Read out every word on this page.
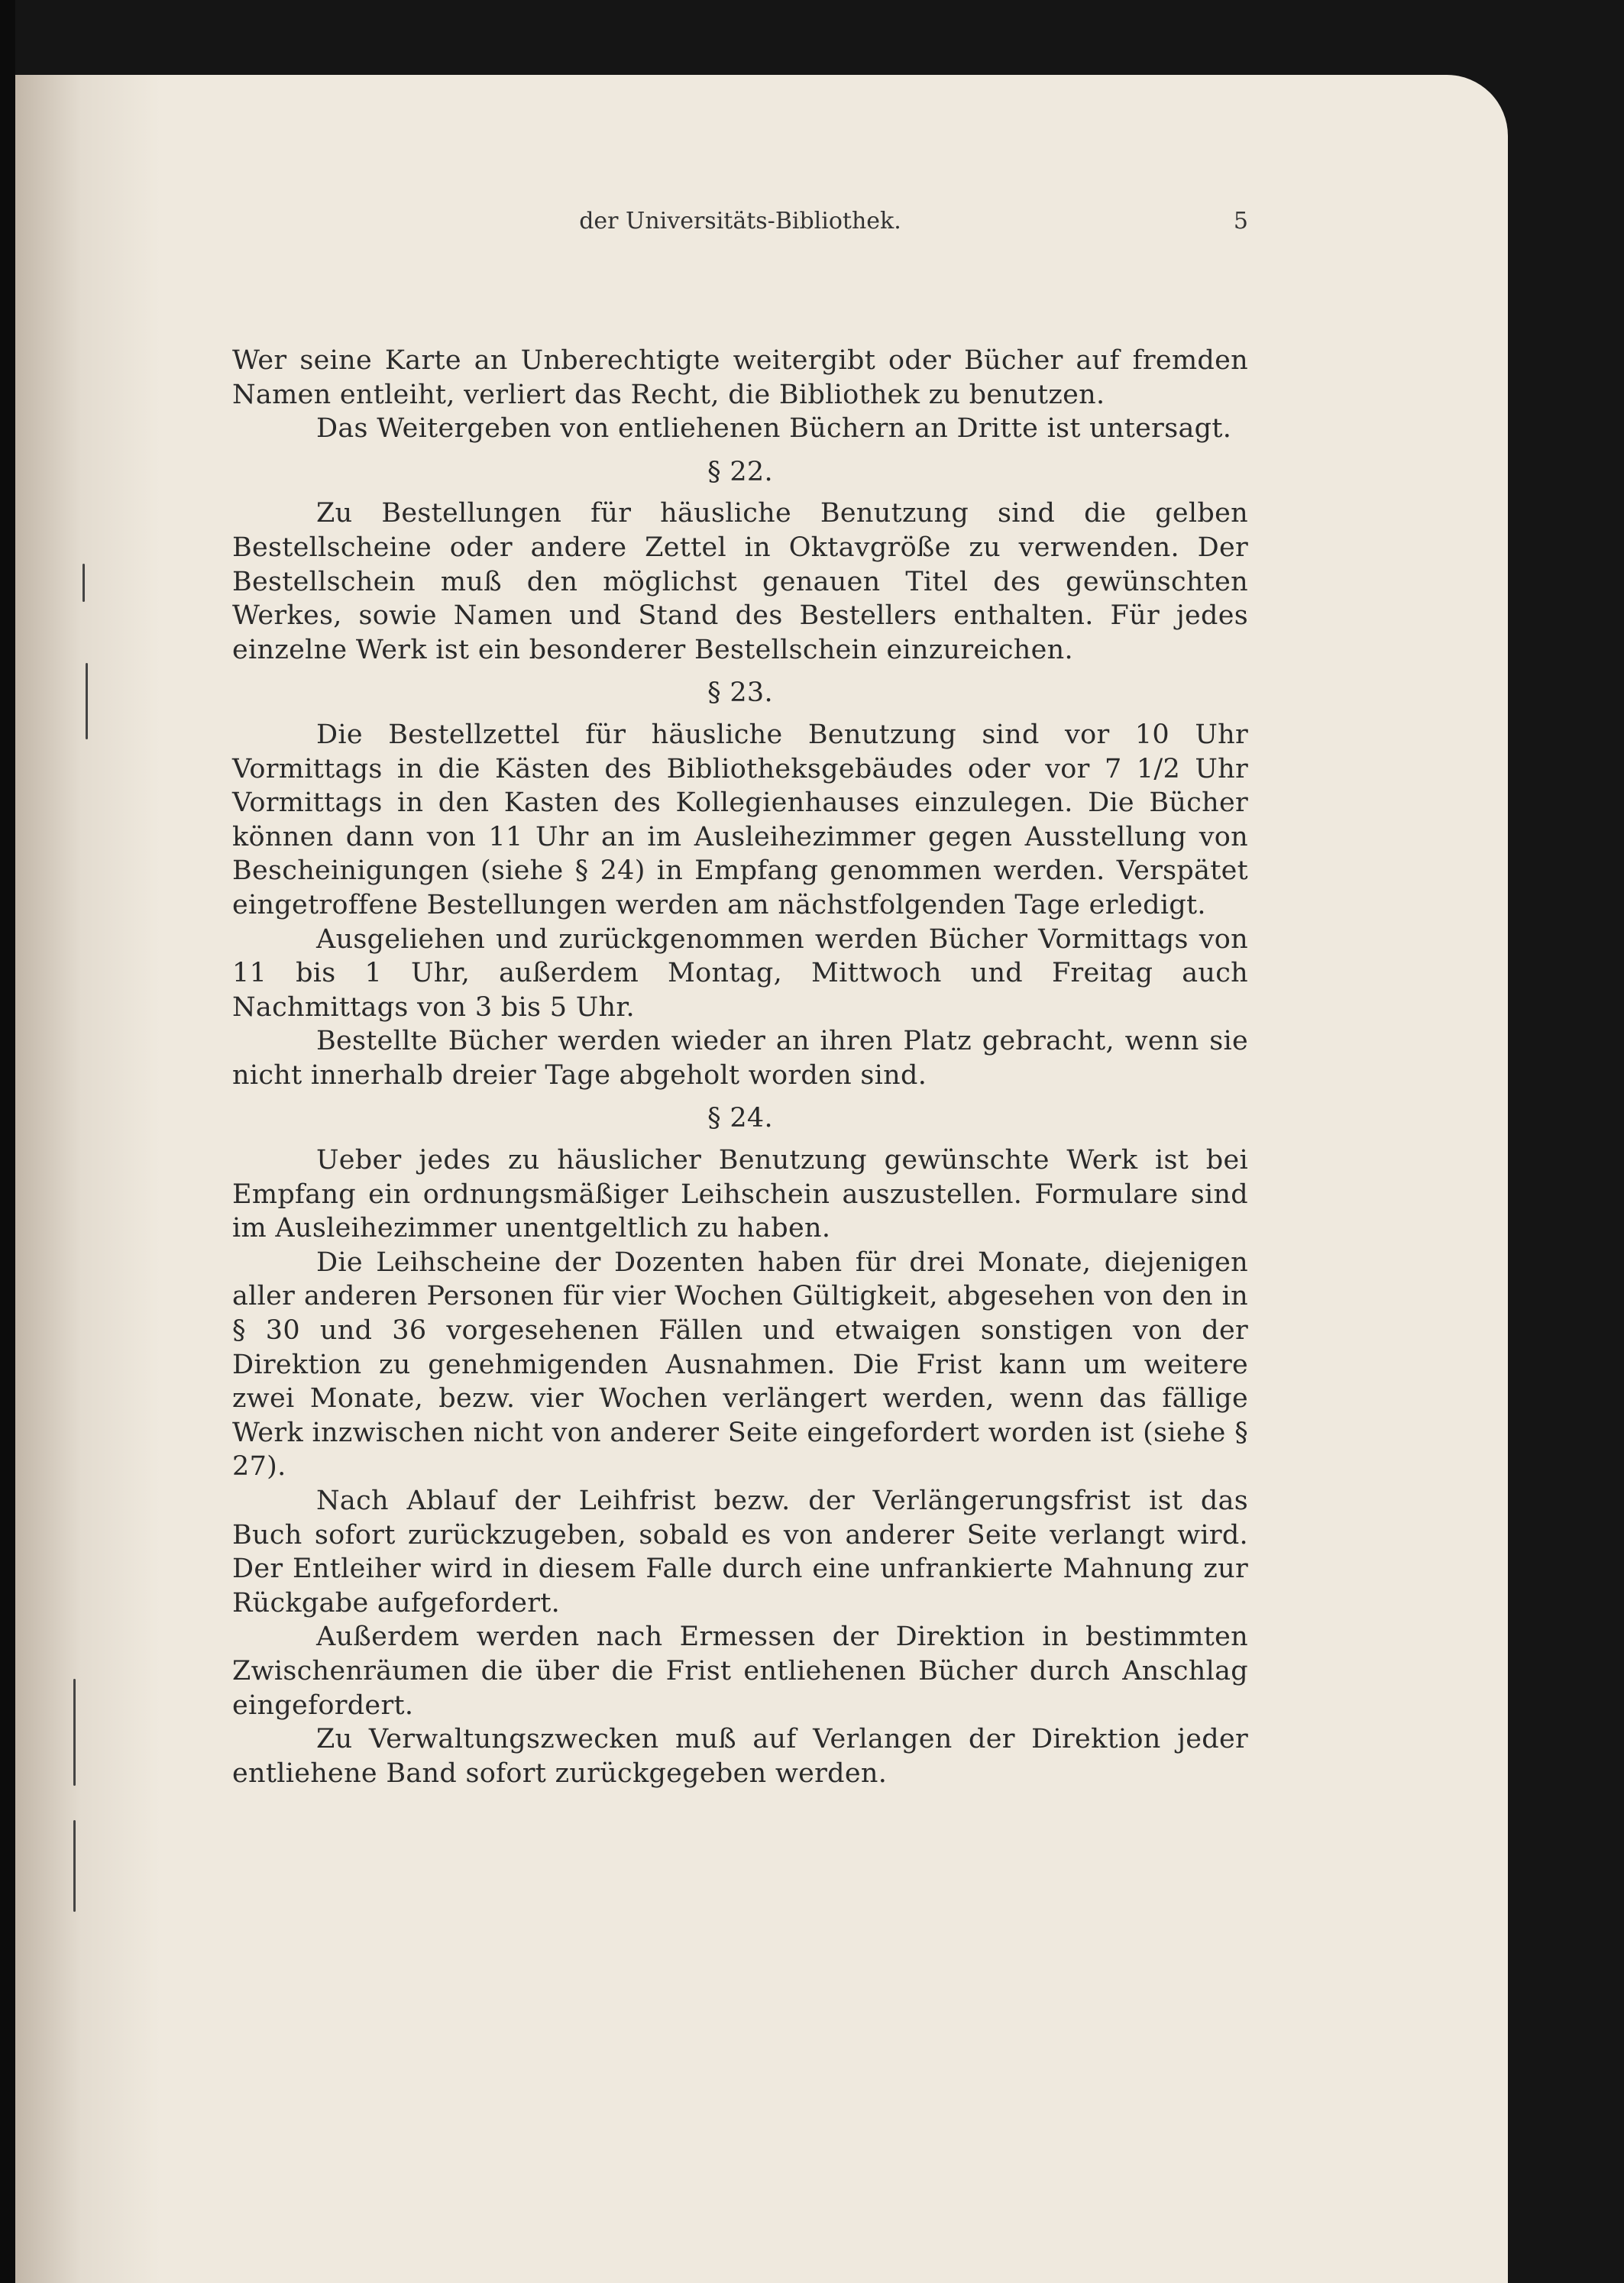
der Universitäts-Bibliothek.	5

Wer seine Karte an Unberechtigte weitergibt oder Bücher auf fremden Namen entleiht, verliert das Recht, die Bibliothek zu benutzen.

Das Weitergeben von entliehenen Büchern an Dritte ist untersagt.

§ 22.

Zu Bestellungen für häusliche Benutzung sind die gelben Bestellscheine oder andere Zettel in Oktavgröße zu verwenden. Der Bestellschein muß den möglichst genauen Titel des gewünschten Werkes, sowie Namen und Stand des Bestellers enthalten. Für jedes einzelne Werk ist ein besonderer Bestellschein einzureichen.

§ 23.

Die Bestellzettel für häusliche Benutzung sind vor 10 Uhr Vormittags in die Kästen des Bibliotheksgebäudes oder vor 7 1/2 Uhr Vormittags in den Kasten des Kollegienhauses einzulegen. Die Bücher können dann von 11 Uhr an im Ausleihezimmer gegen Ausstellung von Bescheinigungen (siehe § 24) in Empfang genommen werden. Verspätet eingetroffene Bestellungen werden am nächstfolgenden Tage erledigt.

Ausgeliehen und zurückgenommen werden Bücher Vormittags von 11 bis 1 Uhr, außerdem Montag, Mittwoch und Freitag auch Nachmittags von 3 bis 5 Uhr.

Bestellte Bücher werden wieder an ihren Platz gebracht, wenn sie nicht innerhalb dreier Tage abgeholt worden sind.

§ 24.

Ueber jedes zu häuslicher Benutzung gewünschte Werk ist bei Empfang ein ordnungsmäßiger Leihschein auszustellen. Formulare sind im Ausleihezimmer unentgeltlich zu haben.

Die Leihscheine der Dozenten haben für drei Monate, diejenigen aller anderen Personen für vier Wochen Gültigkeit, abgesehen von den in § 30 und 36 vorgesehenen Fällen und etwaigen sonstigen von der Direktion zu genehmigenden Ausnahmen. Die Frist kann um weitere zwei Monate, bezw. vier Wochen verlängert werden, wenn das fällige Werk inzwischen nicht von anderer Seite eingefordert worden ist (siehe § 27).

Nach Ablauf der Leihfrist bezw. der Verlängerungsfrist ist das Buch sofort zurückzugeben, sobald es von anderer Seite verlangt wird. Der Entleiher wird in diesem Falle durch eine unfrankierte Mahnung zur Rückgabe aufgefordert.

Außerdem werden nach Ermessen der Direktion in bestimmten Zwischenräumen die über die Frist entliehenen Bücher durch Anschlag eingefordert.

Zu Verwaltungszwecken muß auf Verlangen der Direktion jeder entliehene Band sofort zurückgegeben werden.
